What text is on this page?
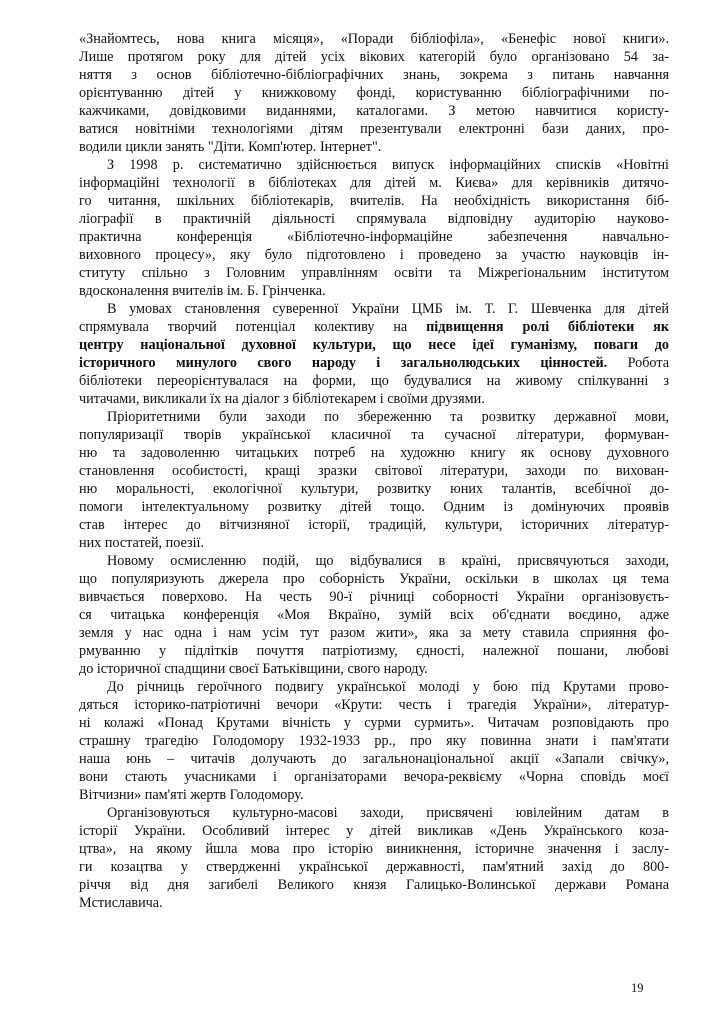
«Знайомтесь, нова книга місяця», «Поради бібліофіла», «Бенефіс нової книги».
Лише протягом року для дітей усіх вікових категорій було організовано 54 за-
няття з основ бібліотечно-бібліографічних знань, зокрема з питань навчання
орієнтуванню дітей у книжковому фонді, користуванню бібліографічними по-
кажчиками, довідковими виданнями, каталогами. З метою навчитися користу-
ватися новітніми технологіями дітям презентували електронні бази даних, про-
водили цикли занять "Діти. Комп'ютер. Інтернет".
З 1998 р. систематично здійснюється випуск інформаційних списків «Новітні
інформаційні технології в бібліотеках для дітей м. Києва» для керівників дитячо-
го читання, шкільних бібліотекарів, вчителів. На необхідність використання біб-
ліографії в практичній діяльності спрямувала відповідну аудиторію науково-
практична конференція «Бібліотечно-інформаційне забезпечення навчально-
виховного процесу», яку було підготовлено і проведено за участю науковців ін-
ституту спільно з Головним управлінням освіти та Міжрегіональним інститутом
вдосконалення вчителів ім. Б. Грінченка.
В умовах становлення суверенної України ЦМБ ім. Т. Г. Шевченка для дітей
спрямувала творчий потенціал колективу на підвищення ролі бібліотеки як
центру національної духовної культури, що несе ідеї гуманізму, поваги до
історичного минулого свого народу і загальнолюдських цінностей. Робота
бібліотеки переорієнтувалася на форми, що будувалися на живому спілкуванні з
читачами, викликали їх на діалог з бібліотекарем і своїми друзями.
Пріоритетними були заходи по збереженню та розвитку державної мови,
популяризації творів української класичної та сучасної літератури, формуван-
ню та задоволенню читацьких потреб на художню книгу як основу духовного
становлення особистості, кращі зразки світової літератури, заходи по вихован-
ню моральності, екологічної культури, розвитку юних талантів, всебічної до-
помоги інтелектуальному розвитку дітей тощо. Одним із домінуючих проявів
став інтерес до вітчизняної історії, традицій, культури, історичних літератур-
них постатей, поезії.
Новому осмисленню подій, що відбувалися в країні, присвячуються заходи,
що популяризують джерела про соборність України, оскільки в школах ця тема
вивчається поверхово. На честь 90-ї річниці соборності України організовуєть-
ся читацька конференція «Моя Вкраїно, зумій всіх об'єднати воєдино, адже
земля у нас одна і нам усім тут разом жити», яка за мету ставила сприяння фо-
рмуванню у підлітків почуття патріотизму, єдності, належної пошани, любові
до історичної спадщини своєї Батьківщини, свого народу.
До річниць героїчного подвигу української молоді у бою під Крутами прово-
дяться історико-патріотичні вечори «Крути: честь і трагедія України», літератур-
ні колажі «Понад Крутами вічність у сурми сурмить». Читачам розповідають про
страшну трагедію Голодомору 1932-1933 рр., про яку повинна знати і пам'ятати
наша юнь – читачів долучають до загальнонаціональної акції «Запали свічку»,
вони стають учасниками і організаторами вечора-реквієму «Чорна сповідь моєї
Вітчизни» пам'яті жертв Голодомору.
Організовуються культурно-масові заходи, присвячені ювілейним датам в
історії України. Особливий інтерес у дітей викликав «День Українського коза-
цтва», на якому йшла мова про історію виникнення, історичне значення і заслу-
ги козацтва у ствердженні української державності, пам'ятний захід до 800-
річчя від дня загибелі Великого князя Галицько-Волинської держави Романа
Мстиславича.
19
